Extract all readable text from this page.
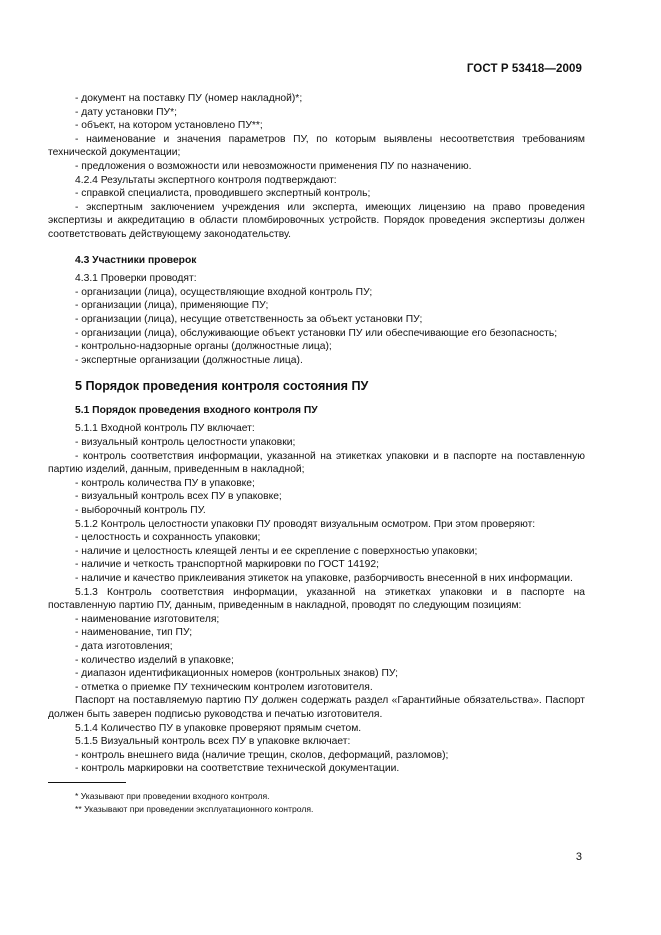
ГОСТ Р 53418—2009

- документ на поставку ПУ (номер накладной)*;

- дату установки ПУ*;

- объект, на котором установлено ПУ**;

- наименование и значения параметров ПУ, по которым выявлены несоответствия требованиям технической документации;

- предложения о возможности или невозможности применения ПУ по назначению.

4.2.4 Результаты экспертного контроля подтверждают:

- справкой специалиста, проводившего экспертный контроль;

- экспертным заключением учреждения или эксперта, имеющих лицензию на право проведения экспертизы и аккредитацию в области пломбировочных устройств. Порядок проведения экспертизы должен соответствовать действующему законодательству.

4.3 Участники проверок

4.3.1 Проверки проводят:

- организации (лица), осуществляющие входной контроль ПУ;

- организации (лица), применяющие ПУ;

- организации (лица), несущие ответственность за объект установки ПУ;

- организации (лица), обслуживающие объект установки ПУ или обеспечивающие его безопасность;

- контрольно-надзорные органы (должностные лица);

- экспертные организации (должностные лица).

5 Порядок проведения контроля состояния ПУ

5.1 Порядок проведения входного контроля ПУ

5.1.1 Входной контроль ПУ включает:

- визуальный контроль целостности упаковки;

- контроль соответствия информации, указанной на этикетках упаковки и в паспорте на поставленную партию изделий, данным, приведенным в накладной;

- контроль количества ПУ в упаковке;

- визуальный контроль всех ПУ в упаковке;

- выборочный контроль ПУ.

5.1.2 Контроль целостности упаковки ПУ проводят визуальным осмотром. При этом проверяют:

- целостность и сохранность упаковки;

- наличие и целостность клеящей ленты и ее скрепление с поверхностью упаковки;

- наличие и четкость транспортной маркировки по ГОСТ 14192;

- наличие и качество приклеивания этикеток на упаковке, разборчивость внесенной в них информации.

5.1.3 Контроль соответствия информации, указанной на этикетках упаковки и в паспорте на поставленную партию ПУ, данным, приведенным в накладной, проводят по следующим позициям:

- наименование изготовителя;

- наименование, тип ПУ;

- дата изготовления;

- количество изделий в упаковке;

- диапазон идентификационных номеров (контрольных знаков) ПУ;

- отметка о приемке ПУ техническим контролем изготовителя.

Паспорт на поставляемую партию ПУ должен содержать раздел «Гарантийные обязательства». Паспорт должен быть заверен подписью руководства и печатью изготовителя.

5.1.4 Количество ПУ в упаковке проверяют прямым счетом.

5.1.5 Визуальный контроль всех ПУ в упаковке включает:

- контроль внешнего вида (наличие трещин, сколов, деформаций, разломов);

- контроль маркировки на соответствие технической документации.

* Указывают при проведении входного контроля.

** Указывают при проведении эксплуатационного контроля.

3
